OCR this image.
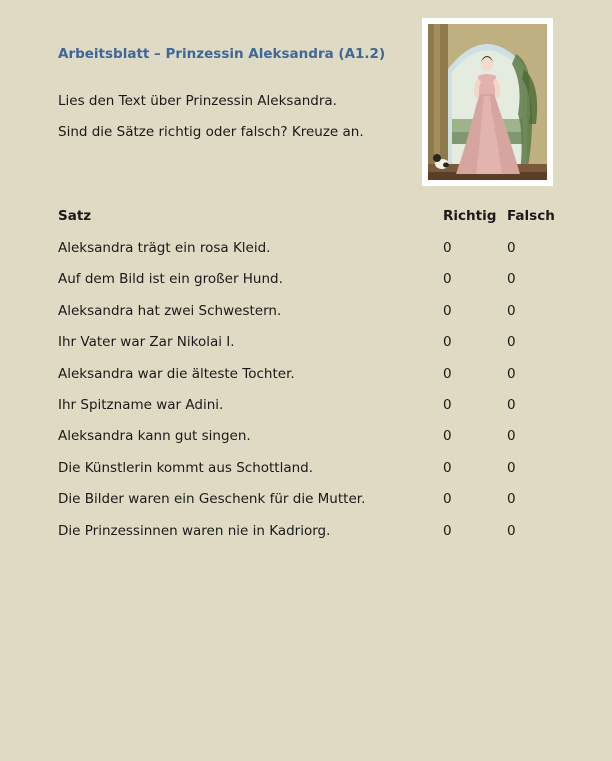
Arbeitsblatt – Prinzessin Aleksandra (A1.2)
Lies den Text über Prinzessin Aleksandra.
Sind die Sätze richtig oder falsch? Kreuze an.
Satz	Richtig Falsch
Aleksandra trägt ein rosa Kleid.	0	0
Auf dem Bild ist ein großer Hund.	0	0
Aleksandra hat zwei Schwestern.	0	0
Ihr Vater war Zar Nikolai I.	0	0
Aleksandra war die älteste Tochter.	0	0
Ihr Spitzname war Adini.	0	0
Aleksandra kann gut singen.	0	0
Die Künstlerin kommt aus Schottland.	0	0
Die Bilder waren ein Geschenk für die Mutter.	0	0
Die Prinzessinnen waren nie in Kadriorg.	0	0
